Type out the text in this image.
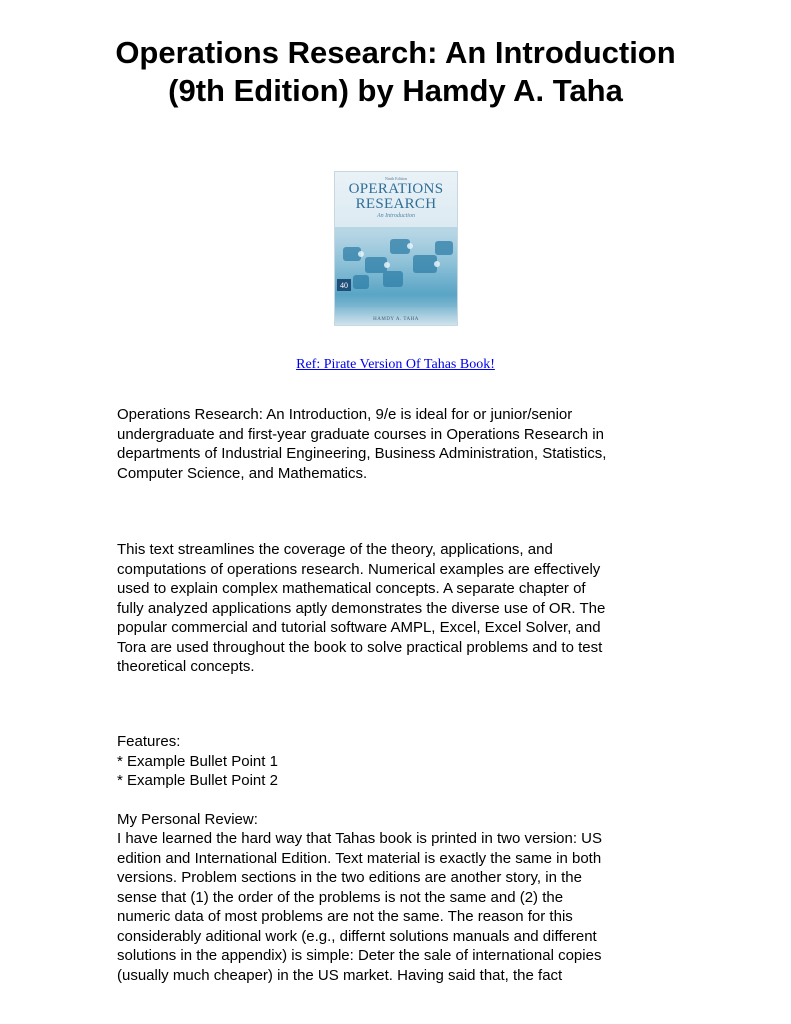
Operations Research: An Introduction (9th Edition) by Hamdy A. Taha
Ninth Edition
OPERATIONS
RESEARCH
An Introduction
40
HAMDY A. TAHA
Ref: Pirate Version Of Tahas Book!

Operations Research: An Introduction, 9/e is ideal for or junior/senior
undergraduate and first-year graduate courses in Operations Research in
departments of Industrial Engineering, Business Administration, Statistics,
Computer Science, and Mathematics.

This text streamlines the coverage of the theory, applications, and
computations of operations research. Numerical examples are effectively
used to explain complex mathematical concepts. A separate chapter of
fully analyzed applications aptly demonstrates the diverse use of OR. The
popular commercial and tutorial software AMPL, Excel, Excel Solver, and
Tora are used throughout the book to solve practical problems and to test
theoretical concepts.

Features:
* Example Bullet Point 1
* Example Bullet Point 2
My Personal Review:

I have learned the hard way that Tahas book is printed in two version: US
edition and International Edition. Text material is exactly the same in both
versions. Problem sections in the two editions are another story, in the
sense that (1) the order of the problems is not the same and (2) the
numeric data of most problems are not the same. The reason for this
considerably aditional work (e.g., differnt solutions manuals and different
solutions in the appendix) is simple: Deter the sale of international copies
(usually much cheaper) in the US market. Having said that, the fact
